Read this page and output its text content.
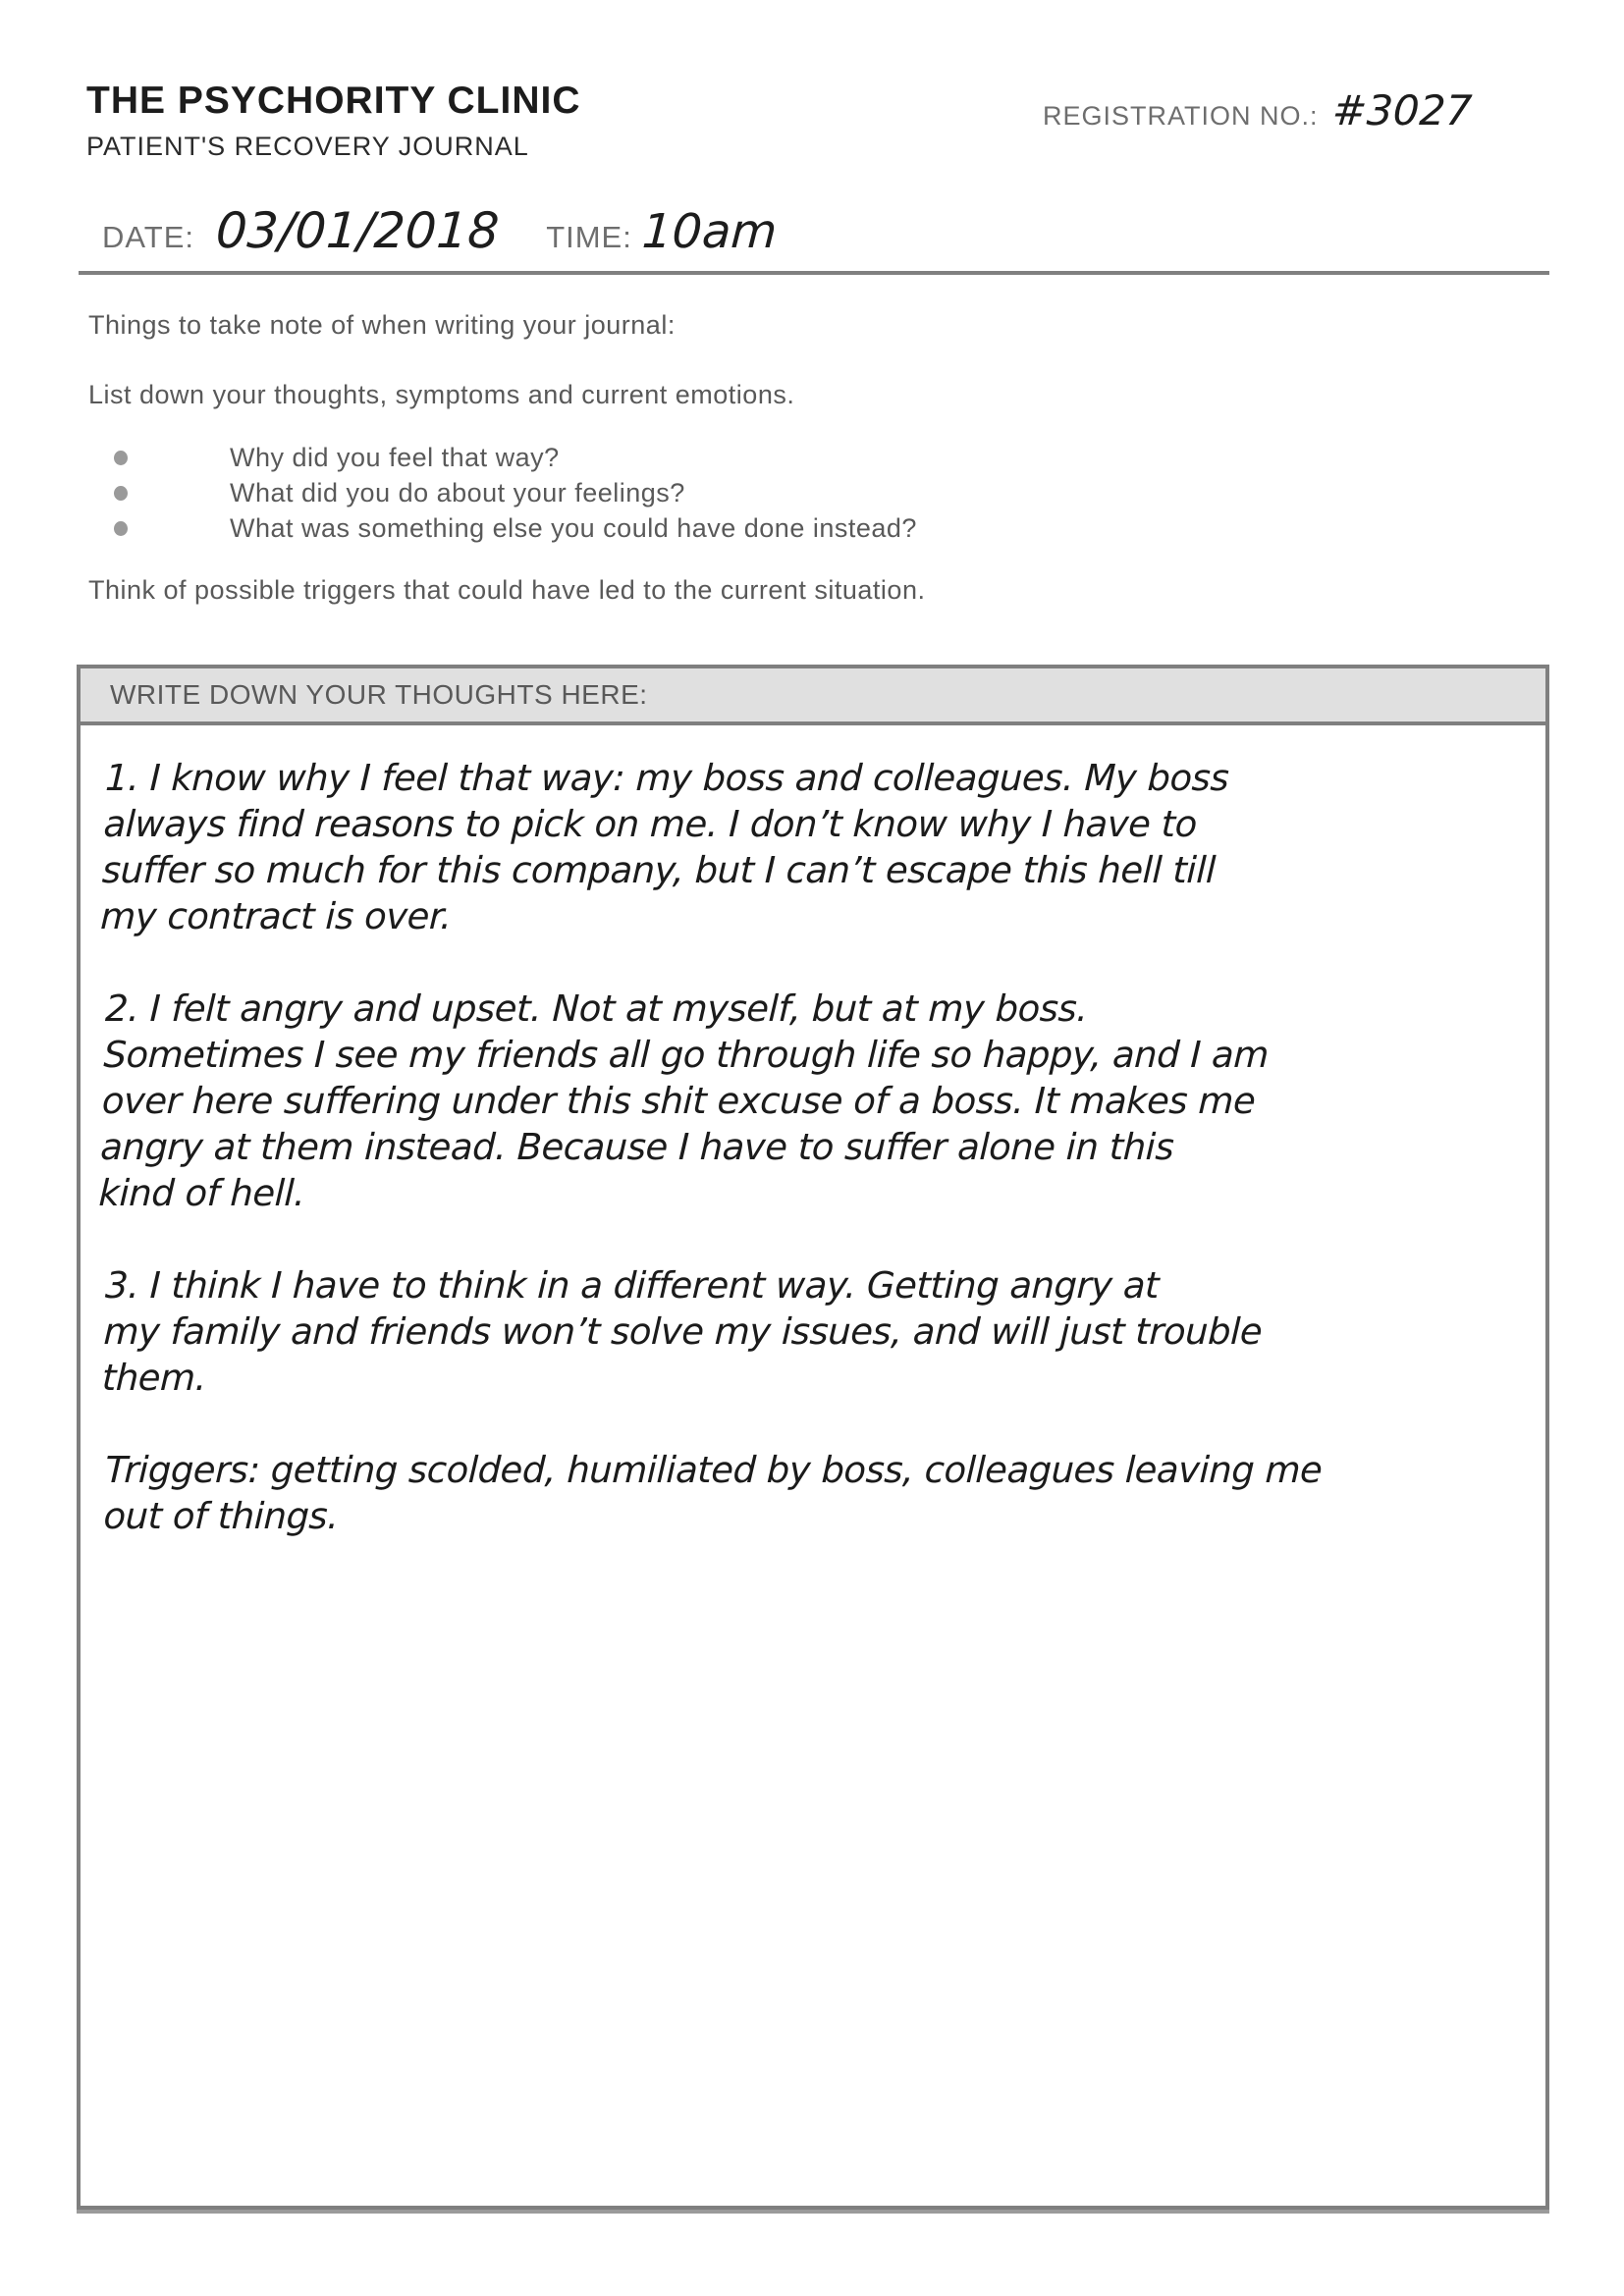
THE PSYCHORITY CLINIC
PATIENT'S RECOVERY JOURNAL
REGISTRATION NO.: #3027
DATE: 03/01/2018 TIME: 10am
Things to take note of when writing your journal:
List down your thoughts, symptoms and current emotions.
Why did you feel that way?
What did you do about your feelings?
What was something else you could have done instead?
Think of possible triggers that could have led to the current situation.
WRITE DOWN YOUR THOUGHTS HERE:

1. I know why I feel that way: my boss and colleagues. My boss
always find reasons to pick on me. I don’t know why I have to
suffer so much for this company, but I can’t escape this hell till
my contract is over.

2. I felt angry and upset. Not at myself, but at my boss.
Sometimes I see my friends all go through life so happy, and I am
over here suffering under this shit excuse of a boss. It makes me
angry at them instead. Because I have to suffer alone in this
kind of hell.

3. I think I have to think in a different way. Getting angry at
my family and friends won’t solve my issues, and will just trouble
them.

Triggers: getting scolded, humiliated by boss, colleagues leaving me
out of things.
